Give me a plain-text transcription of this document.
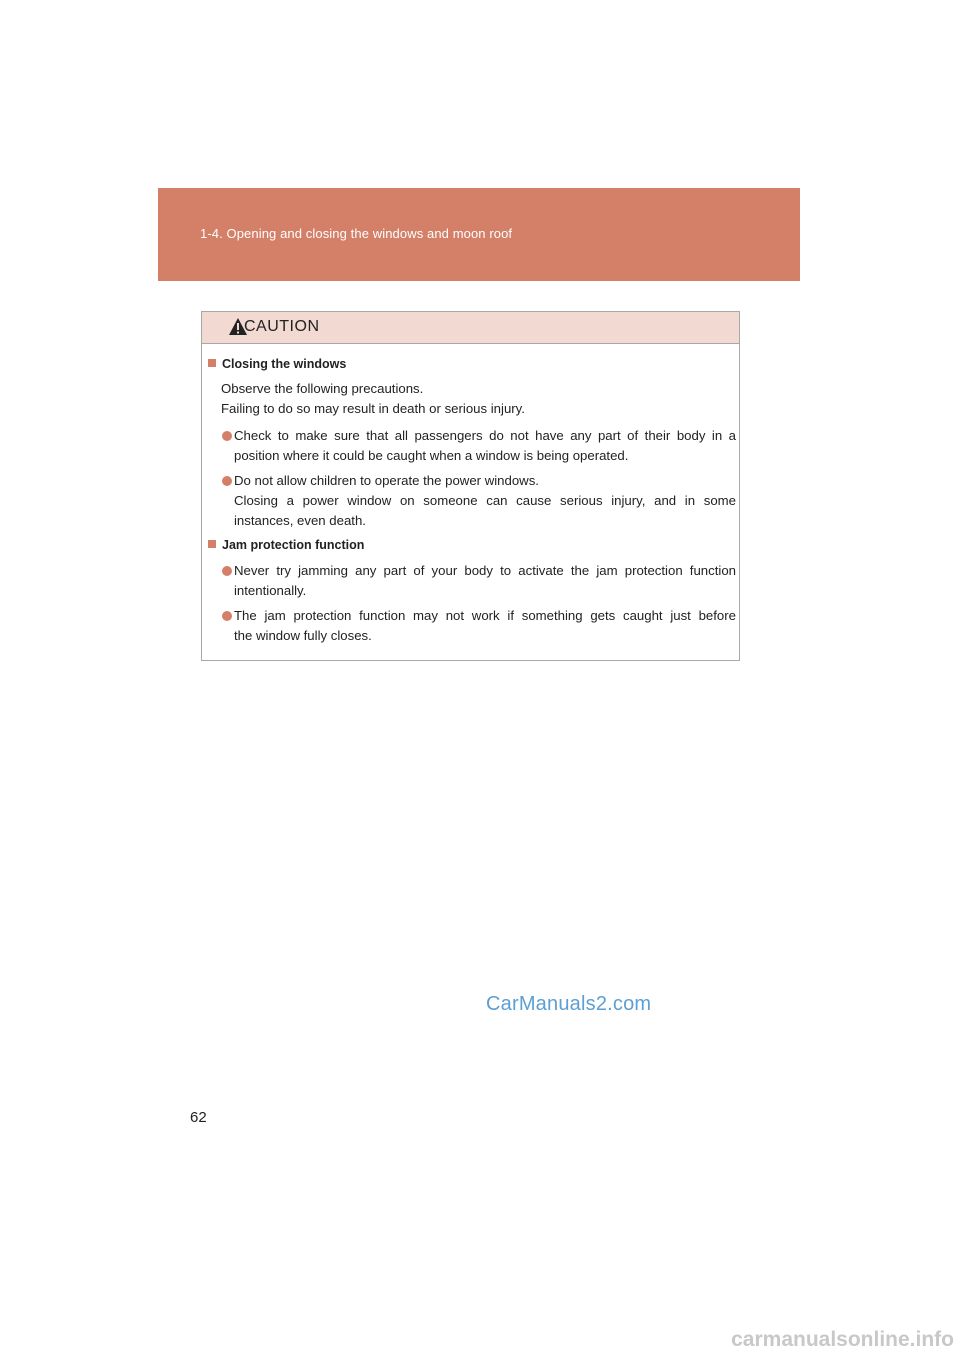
1-4. Opening and closing the windows and moon roof
CAUTION
Closing the windows
Observe the following precautions.
Failing to do so may result in death or serious injury.
Check to make sure that all passengers do not have any part of their body in a
position where it could be caught when a window is being operated.
Do not allow children to operate the power windows.
Closing a power window on someone can cause serious injury, and in some
instances, even death.
Jam protection function
Never try jamming any part of your body to activate the jam protection function
intentionally.
The jam protection function may not work if something gets caught just before
the window fully closes.
CarManuals2.com
62
carmanualsonline.info
